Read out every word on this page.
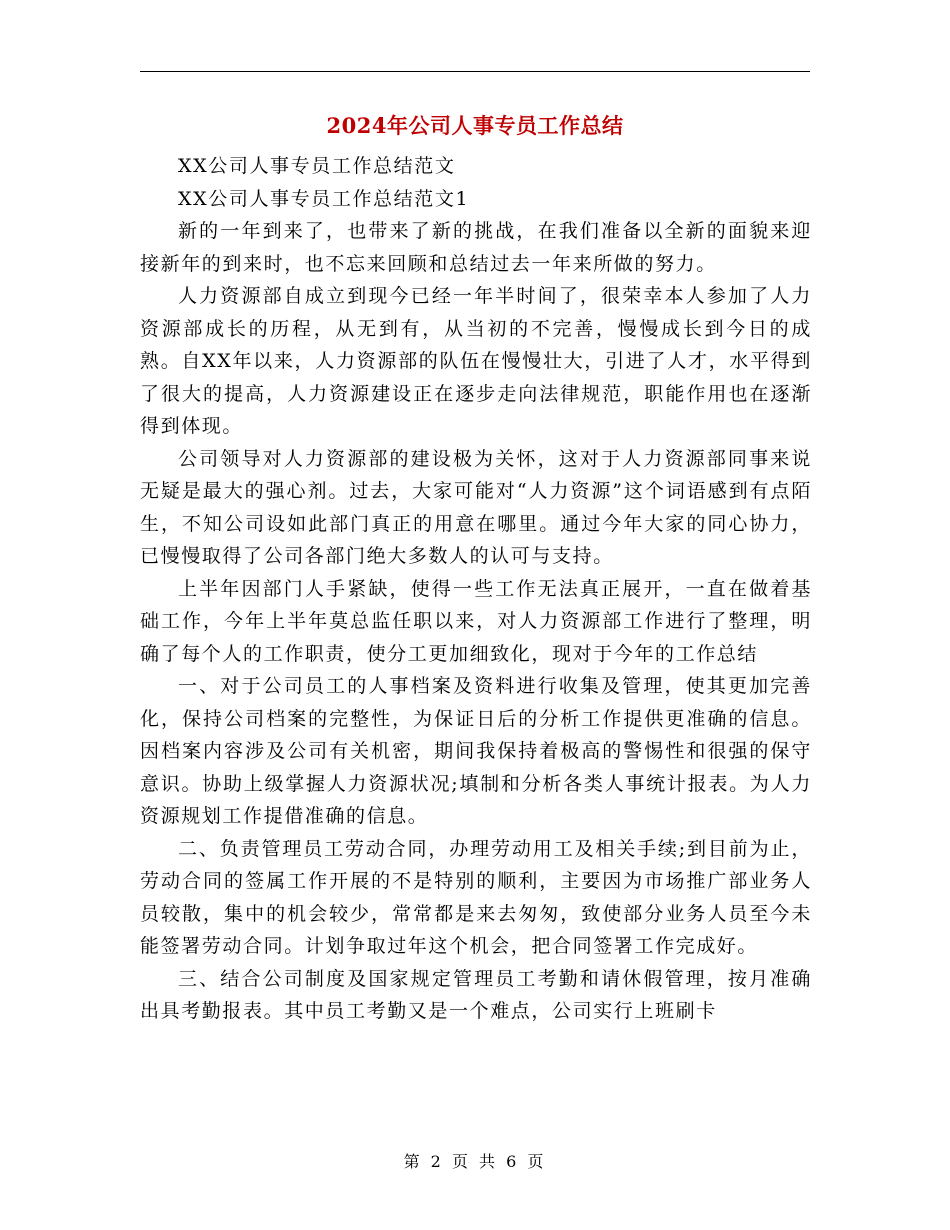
2024年公司人事专员工作总结

XX公司人事专员工作总结范文

XX公司人事专员工作总结范文1

新的一年到来了，也带来了新的挑战，在我们准备以全新的面貌来迎接新年的到来时，也不忘来回顾和总结过去一年来所做的努力。

人力资源部自成立到现今已经一年半时间了，很荣幸本人参加了人力资源部成长的历程，从无到有，从当初的不完善，慢慢成长到今日的成熟。自XX年以来，人力资源部的队伍在慢慢壮大，引进了人才，水平得到了很大的提高，人力资源建设正在逐步走向法律规范，职能作用也在逐渐得到体现。

公司领导对人力资源部的建设极为关怀，这对于人力资源部同事来说无疑是最大的强心剂。过去，大家可能对“人力资源”这个词语感到有点陌生，不知公司设如此部门真正的用意在哪里。通过今年大家的同心协力，已慢慢取得了公司各部门绝大多数人的认可与支持。

上半年因部门人手紧缺，使得一些工作无法真正展开，一直在做着基础工作，今年上半年莫总监任职以来，对人力资源部工作进行了整理，明确了每个人的工作职责，使分工更加细致化，现对于今年的工作总结

一、对于公司员工的人事档案及资料进行收集及管理，使其更加完善化，保持公司档案的完整性，为保证日后的分析工作提供更准确的信息。因档案内容涉及公司有关机密，期间我保持着极高的警惕性和很强的保守意识。协助上级掌握人力资源状况;填制和分析各类人事统计报表。为人力资源规划工作提借准确的信息。

二、负责管理员工劳动合同，办理劳动用工及相关手续;到目前为止，劳动合同的签属工作开展的不是特别的顺利，主要因为市场推广部业务人员较散，集中的机会较少，常常都是来去匆匆，致使部分业务人员至今未能签署劳动合同。计划争取过年这个机会，把合同签署工作完成好。

三、结合公司制度及国家规定管理员工考勤和请休假管理，按月准确出具考勤报表。其中员工考勤又是一个难点，公司实行上班刷卡

第 2 页 共 6 页
